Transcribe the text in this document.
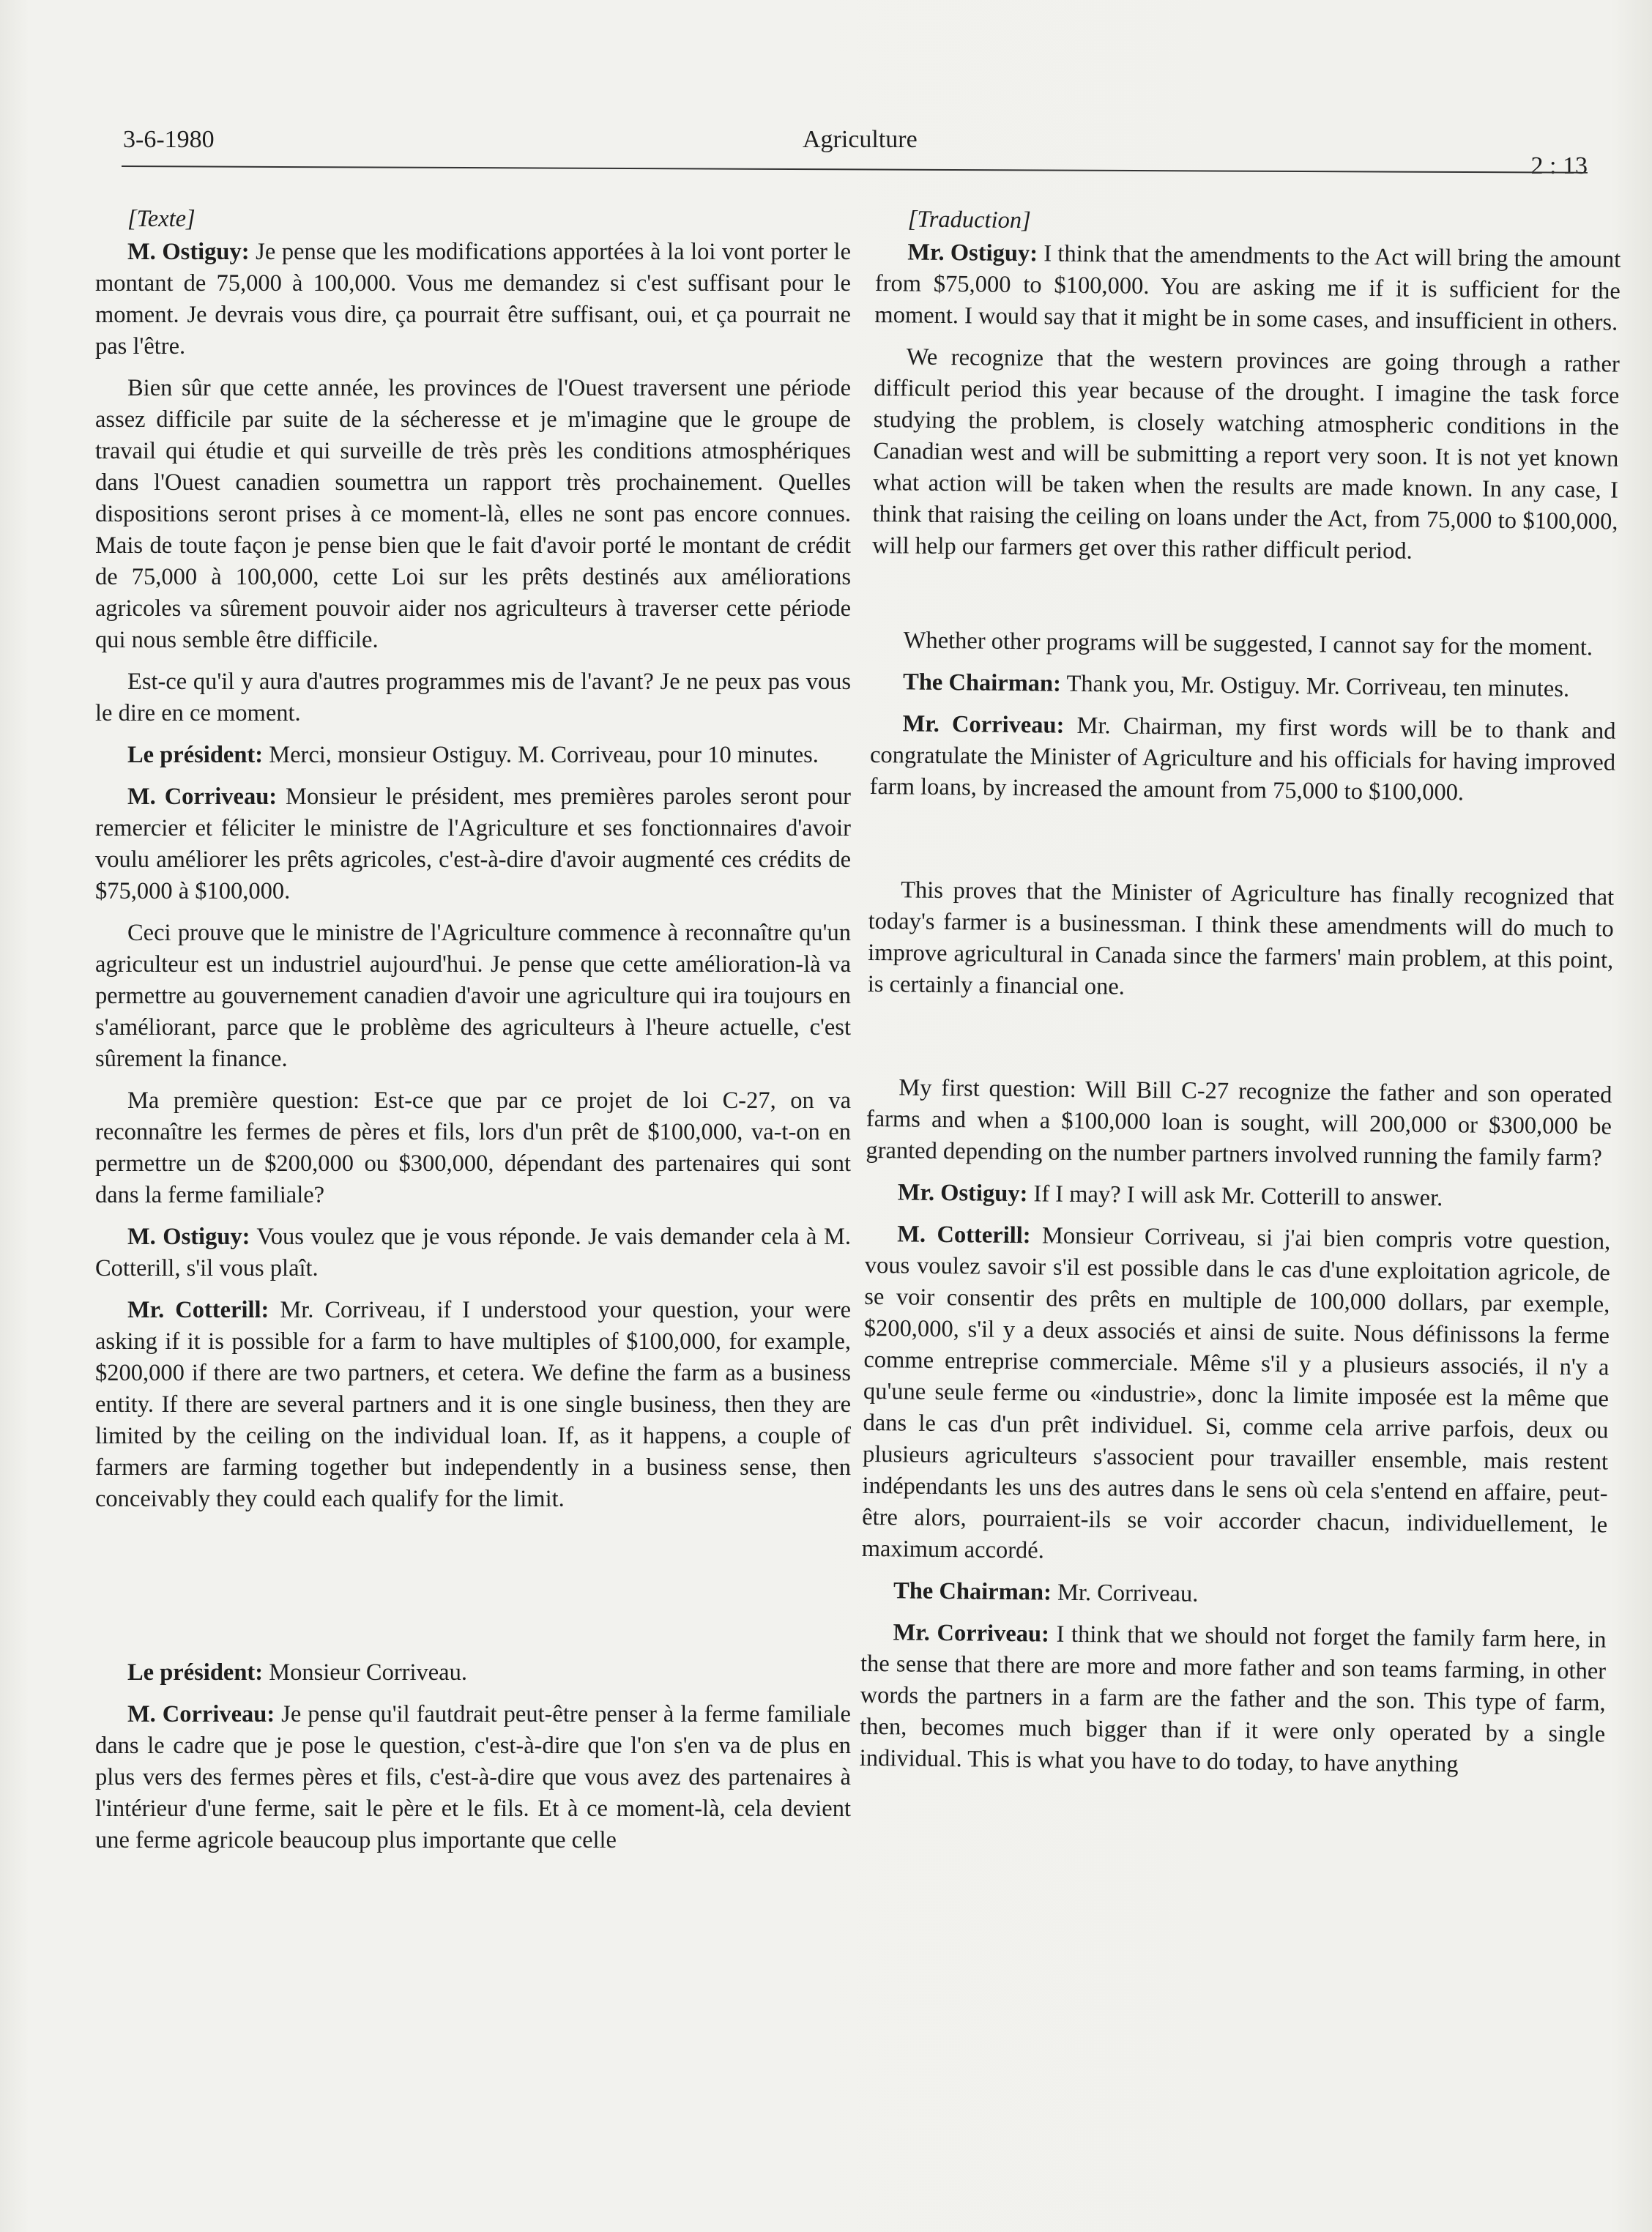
3-6-1980	Agriculture
2 : 13
[Texte]

M. Ostiguy: Je pense que les modifications apportées à la loi vont porter le montant de 75,000 à 100,000. Vous me demandez si c'est suffisant pour le moment. Je devrais vous dire, ça pourrait être suffisant, oui, et ça pourrait ne pas l'être.

Bien sûr que cette année, les provinces de l'Ouest traversent une période assez difficile par suite de la sécheresse et je m'imagine que le groupe de travail qui étudie et qui surveille de très près les conditions atmosphériques dans l'Ouest canadien soumettra un rapport très prochainement. Quelles dispositions seront prises à ce moment-là, elles ne sont pas encore connues. Mais de toute façon je pense bien que le fait d'avoir porté le montant de crédit de 75,000 à 100,000, cette Loi sur les prêts destinés aux améliorations agricoles va sûrement pouvoir aider nos agriculteurs à traverser cette période qui nous semble être difficile.

Est-ce qu'il y aura d'autres programmes mis de l'avant? Je ne peux pas vous le dire en ce moment.

Le président: Merci, monsieur Ostiguy. M. Corriveau, pour 10 minutes.

M. Corriveau: Monsieur le président, mes premières paroles seront pour remercier et féliciter le ministre de l'Agriculture et ses fonctionnaires d'avoir voulu améliorer les prêts agricoles, c'est-à-dire d'avoir augmenté ces crédits de $75,000 à $100,000.

Ceci prouve que le ministre de l'Agriculture commence à reconnaître qu'un agriculteur est un industriel aujourd'hui. Je pense que cette amélioration-là va permettre au gouvernement canadien d'avoir une agriculture qui ira toujours en s'améliorant, parce que le problème des agriculteurs à l'heure actuelle, c'est sûrement la finance.

Ma première question: Est-ce que par ce projet de loi C-27, on va reconnaître les fermes de pères et fils, lors d'un prêt de $100,000, va-t-on en permettre un de $200,000 ou $300,000, dépendant des partenaires qui sont dans la ferme familiale?

M. Ostiguy: Vous voulez que je vous réponde. Je vais demander cela à M. Cotterill, s'il vous plaît.

Mr. Cotterill: Mr. Corriveau, if I understood your question, your were asking if it is possible for a farm to have multiples of $100,000, for example, $200,000 if there are two partners, et cetera. We define the farm as a business entity. If there are several partners and it is one single business, then they are limited by the ceiling on the individual loan. If, as it happens, a couple of farmers are farming together but independently in a business sense, then conceivably they could each qualify for the limit.

Le président: Monsieur Corriveau.

M. Corriveau: Je pense qu'il fautdrait peut-être penser à la ferme familiale dans le cadre que je pose le question, c'est-à-dire que l'on s'en va de plus en plus vers des fermes pères et fils, c'est-à-dire que vous avez des partenaires à l'intérieur d'une ferme, sait le père et le fils. Et à ce moment-là, cela devient une ferme agricole beaucoup plus importante que celle

[Traduction]

Mr. Ostiguy: I think that the amendments to the Act will bring the amount from $75,000 to $100,000. You are asking me if it is sufficient for the moment. I would say that it might be in some cases, and insufficient in others.

We recognize that the western provinces are going through a rather difficult period this year because of the drought. I imagine the task force studying the problem, is closely watching atmospheric conditions in the Canadian west and will be submitting a report very soon. It is not yet known what action will be taken when the results are made known. In any case, I think that raising the ceiling on loans under the Act, from 75,000 to $100,000, will help our farmers get over this rather difficult period.

Whether other programs will be suggested, I cannot say for the moment.

The Chairman: Thank you, Mr. Ostiguy. Mr. Corriveau, ten minutes.

Mr. Corriveau: Mr. Chairman, my first words will be to thank and congratulate the Minister of Agriculture and his officials for having improved farm loans, by increased the amount from 75,000 to $100,000.

This proves that the Minister of Agriculture has finally recognized that today's farmer is a businessman. I think these amendments will do much to improve agricultural in Canada since the farmers' main problem, at this point, is certainly a financial one.

My first question: Will Bill C-27 recognize the father and son operated farms and when a $100,000 loan is sought, will 200,000 or $300,000 be granted depending on the number partners involved running the family farm?

Mr. Ostiguy: If I may? I will ask Mr. Cotterill to answer.

M. Cotterill: Monsieur Corriveau, si j'ai bien compris votre question, vous voulez savoir s'il est possible dans le cas d'une exploitation agricole, de se voir consentir des prêts en multiple de 100,000 dollars, par exemple, $200,000, s'il y a deux associés et ainsi de suite. Nous définissons la ferme comme entreprise commerciale. Même s'il y a plusieurs associés, il n'y a qu'une seule ferme ou «industrie», donc la limite imposée est la même que dans le cas d'un prêt individuel. Si, comme cela arrive parfois, deux ou plusieurs agriculteurs s'associent pour travailler ensemble, mais restent indépendants les uns des autres dans le sens où cela s'entend en affaire, peut-être alors, pourraient-ils se voir accorder chacun, individuellement, le maximum accordé.

The Chairman: Mr. Corriveau.

Mr. Corriveau: I think that we should not forget the family farm here, in the sense that there are more and more father and son teams farming, in other words the partners in a farm are the father and the son. This type of farm, then, becomes much bigger than if it were only operated by a single individual. This is what you have to do today, to have anything
